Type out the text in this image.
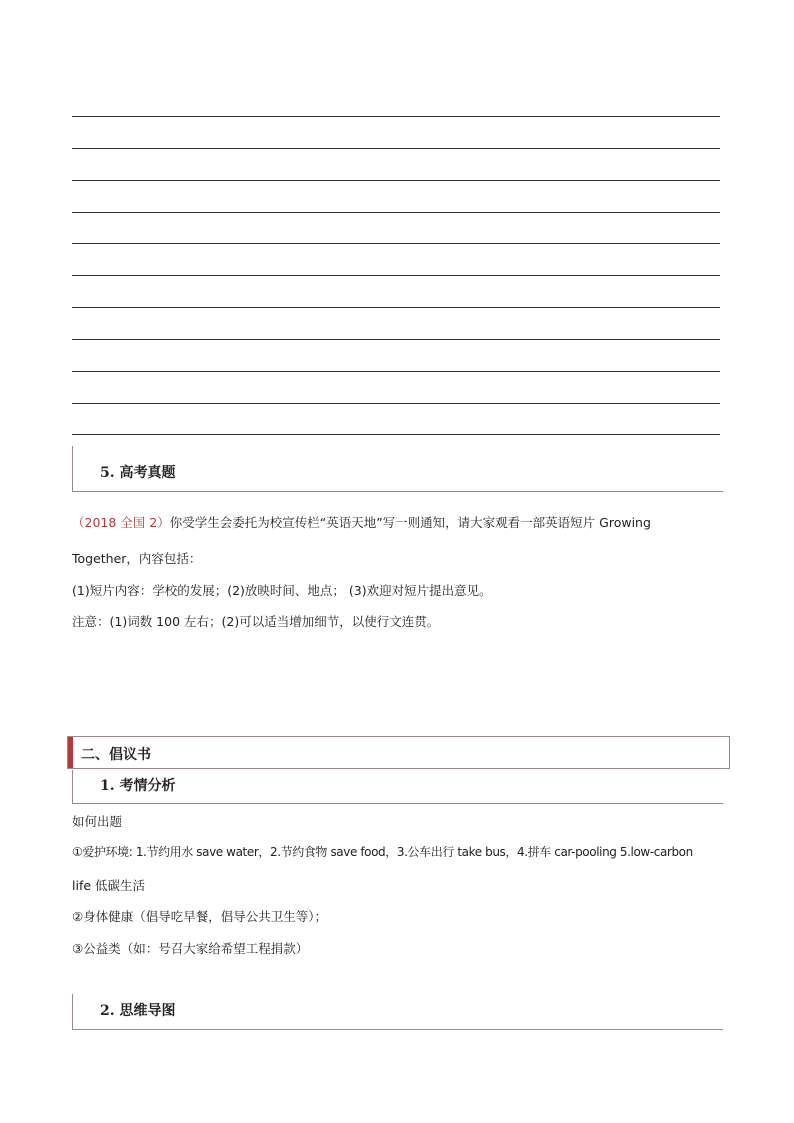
5. 高考真题
（2018 全国 2）你受学生会委托为校宣传栏“英语天地”写一则通知，请大家观看一部英语短片 Growing
Together，内容包括：
(1)短片内容：学校的发展；(2)放映时间、地点； (3)欢迎对短片提出意见。
注意：(1)词数 100 左右；(2)可以适当增加细节，以使行文连贯。
二、倡议书
1. 考情分析
如何出题
①爱护环境: 1.节约用水 save water，2.节约食物 save food，3.公车出行 take bus，4.拼车 car-pooling 5.low-carbon
life 低碳生活
②身体健康（倡导吃早餐，倡导公共卫生等）；
③公益类（如：号召大家给希望工程捐款）
2. 思维导图
